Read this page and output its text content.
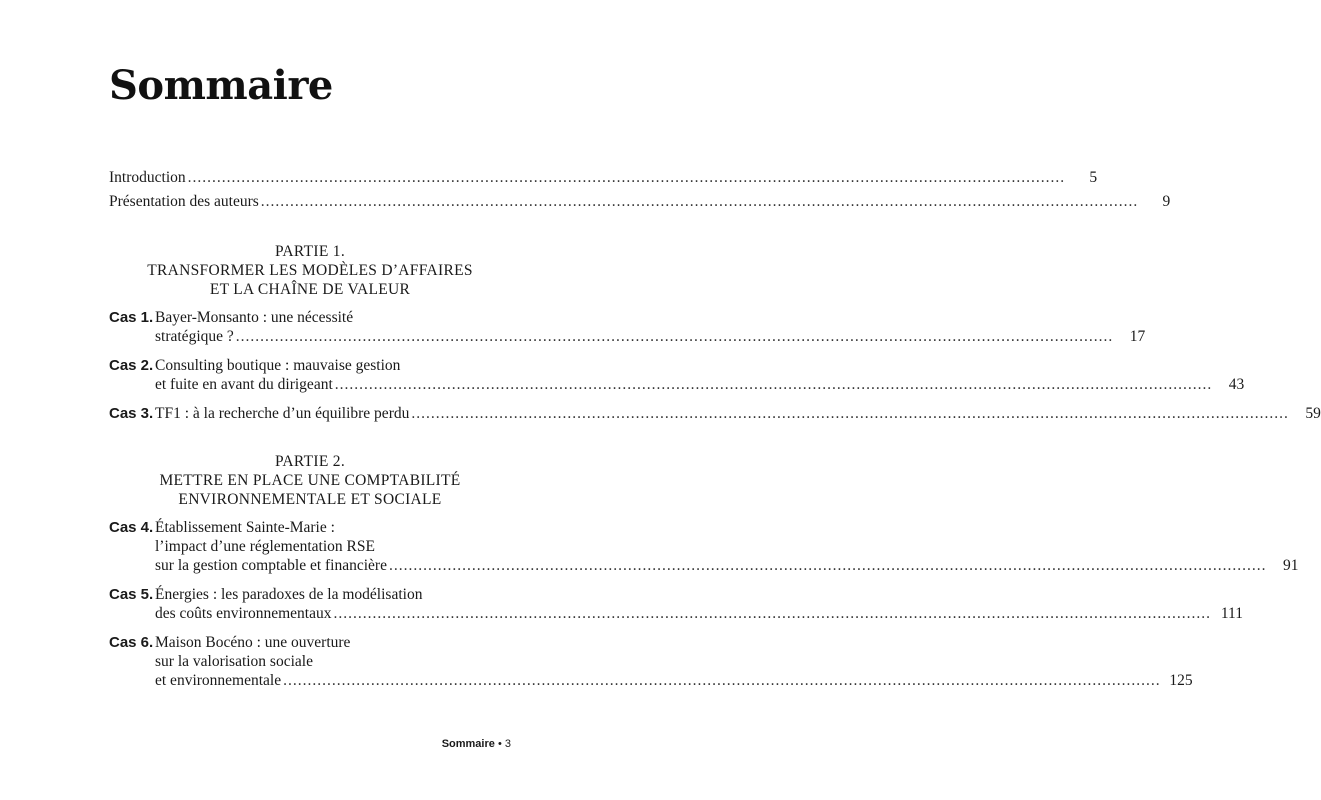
Sommaire
Introduction .....	5
Présentation des auteurs .....	9
PARTIE 1.
TRANSFORMER LES MODÈLES D’AFFAIRES
ET LA CHAÎNE DE VALEUR
Cas 1. Bayer-Monsanto : une nécessité
stratégique ? .....	17
Cas 2. Consulting boutique : mauvaise gestion
et fuite en avant du dirigeant .....	43
Cas 3. TF1 : à la recherche d’un équilibre perdu .....	59
PARTIE 2.
METTRE EN PLACE UNE COMPTABILITÉ
ENVIRONNEMENTALE ET SOCIALE
Cas 4. Établissement Sainte-Marie :
l’impact d’une réglementation RSE
sur la gestion comptable et financière .....	91
Cas 5. Énergies : les paradoxes de la modélisation
des coûts environnementaux .....	111
Cas 6. Maison Bocéno : une ouverture
sur la valorisation sociale
et environnementale .....	125
Sommaire • 3
